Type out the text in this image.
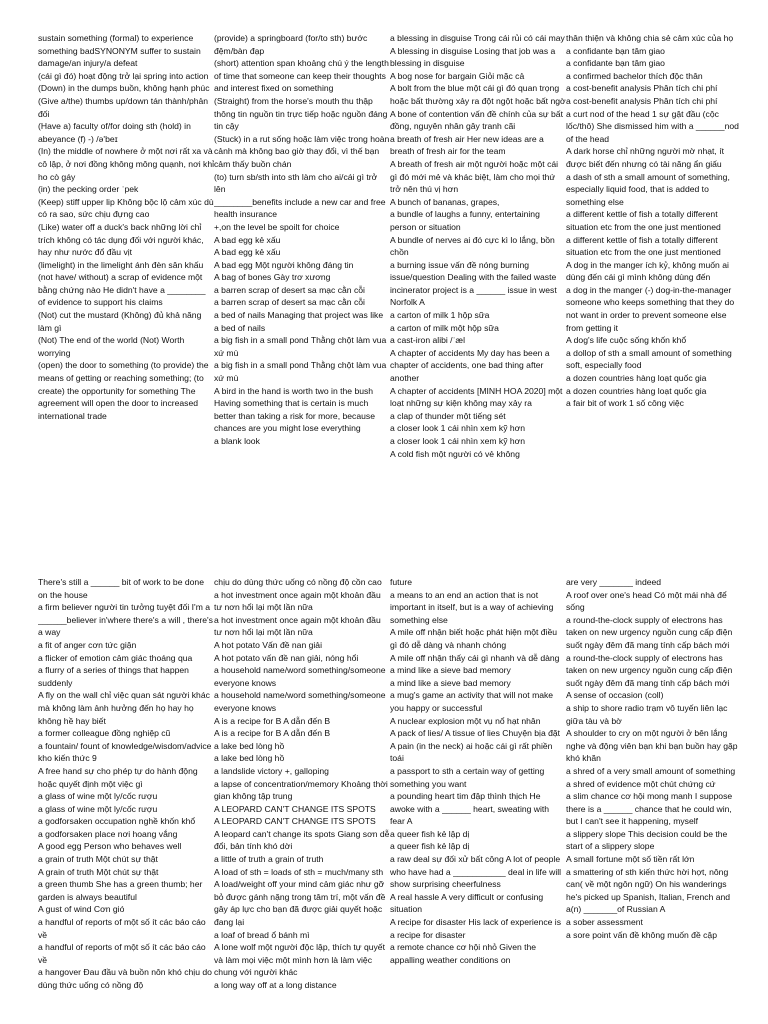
sustain something (formal) to experience something badSYNONYM suffer to sustain damage/an injury/a defeat

(cái gì đó) hoạt động trở lại spring into action

(Down) in the dumps buồn, không hạnh phúc

(Give a/the) thumbs up/down tán thành/phản đối

(Have a) faculty of/for doing sth (hold) in abeyance (f) -) /ə'beɪ

(In) the middle of nowhere ở một nơi rất xa và cô lập, ở nơi đồng không mông quạnh, nơi khỉ ho cò gáy

(in) the pecking order ˈpek

(Keep) stiff upper lip Không bộc lộ cảm xúc dù có ra sao, sức chịu đựng cao

(Like) water off a duck's back những lời chỉ trích không có tác dụng đối với người khác, hay như nước đổ đầu vịt

(limelight) in the limelight ánh đèn sân khấu

(not have/ without) a scrap of evidence một bằng chứng nào He didn't have a ________ of evidence to support his claims

(Not) cut the mustard (Không) đủ khả năng làm gì

(Not) The end of the world (Not) Worth worrying

(open) the door to something (to provide) the means of getting or reaching something; (to create) the opportunity for something The agreement will open the door to increased international trade

(provide) a springboard (for/to sth) bước đệm/bàn đạp

(short) attention span khoảng chú ý the length of time that someone can keep their thoughts and interest fixed on something

(Straight) from the horse's mouth thu thập thông tin nguồn tin trực tiếp hoặc nguồn đáng tin cậy

(Stuck) in a rut sống hoặc làm việc trong hoàn cảnh mà không bao giờ thay đổi, vì thế bạn cảm thấy buồn chán

(to) turn sb/sth into sth làm cho ai/cái gì trở lên

________benefits include a new car and free health insurance

+,on the level be spoilt for choice

A bad egg kẻ xấu

A bad egg kẻ xấu

A bad egg Một người không đáng tin

A bag of bones Gày trơ xương

a barren scrap of desert sa mạc cằn cỗi

a barren scrap of desert sa mạc cằn cỗi

a bed of nails Managing that project was like a bed of nails

a big fish in a small pond Thằng chột làm vua xứ mù

a big fish in a small pond Thằng chột làm vua xứ mù

A bird in the hand is worth two in the bush Having something that is certain is much better than taking a risk for more, because chances are you might lose everything

a blank look

a blessing in disguise Trong cái rủi có cái may

A blessing in disguise Losing that job was a blessing in disguise

A bog nose for bargain Giỏi mặc cả

A bolt from the blue một cái gì đó quan trọng hoặc bất thường xảy ra đột ngột hoặc bất ngờ

A bone of contention vấn đề chính của sự bất đồng, nguyên nhân gây tranh cãi

a breath of fresh air Her new ideas are a breath of fresh air for the team

A breath of fresh air một người hoặc một cái gì đó mới mẻ và khác biệt, làm cho mọi thứ trở nên thú vị hơn

A bunch of bananas, grapes,

a bundle of laughs a funny, entertaining person or situation

A bundle of nerves ai đó cực kì lo lắng, bồn chồn

a burning issue vấn đề nóng burning issue/question Dealing with the failed waste incinerator project is a ______ issue in west Norfolk A

a carton of milk 1 hộp sữa

a carton of milk một hộp sữa

a cast-iron alibi /ˈæl

A chapter of accidents My day has been a chapter of accidents, one bad thing after another

A chapter of accidents [MINH HOA 2020] một loạt những sự kiện không may xảy ra

a clap of thunder một tiếng sét

a closer look 1 cái nhìn xem kỹ hơn

a closer look 1 cái nhìn xem kỹ hơn

A cold fish một người có vẻ không

thân thiện và không chia sẻ cảm xúc của họ

a confidante bạn tâm giao

a confidante bạn tâm giao

a confirmed bachelor thích độc thân

a cost-benefit analysis Phân tích chi phí

a cost-benefit analysis Phân tích chi phí

a curt nod of the head 1 sự gật đầu (cộc lốc/thô) She dismissed him with a ______nod of the head

A dark horse chỉ những người mờ nhạt, ít được biết đến nhưng có tài năng ẩn giấu

a dash of sth a small amount of something, especially liquid food, that is added to something else

a different kettle of fish a totally different situation etc from the one just mentioned

a different kettle of fish a totally different situation etc from the one just mentioned

A dog in the manger ích kỷ, không muốn ai dùng đến cái gì mình không dùng đến

a dog in the manger (-) dog-in-the-manager someone who keeps something that they do not want in order to prevent someone else from getting it

A dog's life cuộc sống khốn khổ

a dollop of sth a small amount of something soft, especially food

a dozen countries hàng loạt quốc gia

a dozen countries hàng loạt quốc gia

a fair bit of work 1 số công việc

There's still a ______ bit of work to be done on the house

a firm believer người tin tưởng tuyệt đối I'm a ______believer in'where there's a will , there's a way

a fit of anger cơn tức giận

a flicker of emotion cảm giác thoáng qua

a flurry of a series of things that happen suddenly

A fly on the wall chỉ việc quan sát người khác mà không làm ảnh hưởng đến họ hay họ không hề hay biết

a former colleague đồng nghiệp cũ

a fountain/ fount of knowledge/wisdom/advice kho kiến thức 9

A free hand sự cho phép tự do hành động hoặc quyết định một việc gì

a glass of wine một ly/cốc rượu

a glass of wine một ly/cốc rượu

a godforsaken occupation nghề khốn khổ

a godforsaken place nơi hoang vắng

A good egg Person who behaves well

a grain of truth Một chút sự thật

A grain of truth Một chút sự thật

a green thumb She has a green thumb; her garden is always beautiful

A gust of wind Cơn gió

a handful of reports of một số ít các báo cáo về

a handful of reports of một số ít các báo cáo về

a hangover Đau đầu và buồn nôn khó chịu do dùng thức uống có nồng độ

chịu do dùng thức uống có nồng độ cồn cao

a hot investment once again một khoản đầu tư nơn hổi lại một lần nữa

a hot investment once again một khoản đầu tư nơn hổi lại một lần nữa

A hot potato Vấn đề nan giải

A hot potato vấn đề nan giải, nóng hổi

a household name/word something/someone everyone knows

a household name/word something/someone everyone knows

A is a recipe for B A dẫn đến B

A is a recipe for B A dẫn đến B

a lake bed lòng hồ

a lake bed lòng hồ

a landslide victory +, galloping

a lapse of concentration/memory Khoảng thời gian không tập trung

A LEOPARD CAN'T CHANGE ITS SPOTS

A LEOPARD CAN'T CHANGE ITS SPOTS

A leopard can't change its spots Giang sơn dễ đổi, bản tính khó dời

a little of truth a grain of truth

A load of sth = loads of sth = much/many sth

A load/weight off your mind cảm giác như gỡ bỏ được gánh nặng trong tâm trí, một vấn đề gây áp lực cho bạn đã được giải quyết hoặc đang lại

a loaf of bread ổ bánh mì

A lone wolf một người độc lập, thích tự quyết và làm mọi việc một mình hơn là làm việc chung với người khác

a long way off at a long distance

future

a means to an end an action that is not important in itself, but is a way of achieving something else

A mile off nhận biết hoặc phát hiện một điều gì đó dễ dàng và nhanh chóng

A mile off nhận thấy cái gì nhanh và dễ dàng

a mind like a sieve bad memory

a mind like a sieve bad memory

a mug's game an activity that will not make you happy or successful

A nuclear explosion một vụ nổ hạt nhân

A pack of lies/ A tissue of lies Chuyện bịa đặt

A pain (in the neck) ai hoặc cái gì rất phiền toái

a passport to sth a certain way of getting something you want

a pounding heart tim đập thình thịch He awoke with a ______ heart, sweating with fear A

a queer fish kẻ lập dị

a queer fish kẻ lập dị

a raw deal sự đối xử bất công A lot of people who have had a ___________ deal in life will show surprising cheerfulness

A real hassle A very difficult or confusing situation

A recipe for disaster His lack of experience is a recipe for disaster

a remote chance cơ hội nhỏ Given the appalling weather conditions on

are very _______ indeed

A roof over one's head Có một mái nhà để sống

a round-the-clock supply of electrons has taken on new urgency nguồn cung cấp điện suốt ngày đêm đã mang tính cấp bách mới

a round-the-clock supply of electrons has taken on new urgency nguồn cung cấp điện suốt ngày đêm đã mang tính cấp bách mới

A sense of occasion (coll)

a ship to shore radio trạm vô tuyến liên lạc giữa tàu và bờ

A shoulder to cry on một người ở bên lắng nghe và động viên bạn khi bạn buồn hay gặp khó khăn

a shred of a very small amount of something

a shred of evidence một chút chứng cứ

a slim chance cơ hội mong manh I suppose there is a ______ chance that he could win, but I can't see it happening, myself

a slippery slope This decision could be the start of a slippery slope

A small fortune một số tiền rất lớn

a smattering of sth kiến thức hời hợt, nông can( về một ngôn ngữ) On his wanderings he's picked up Spanish, Italian, French and a(n) _______of Russian A

a sober assessment

a sore point vấn đề không muốn đề cập
